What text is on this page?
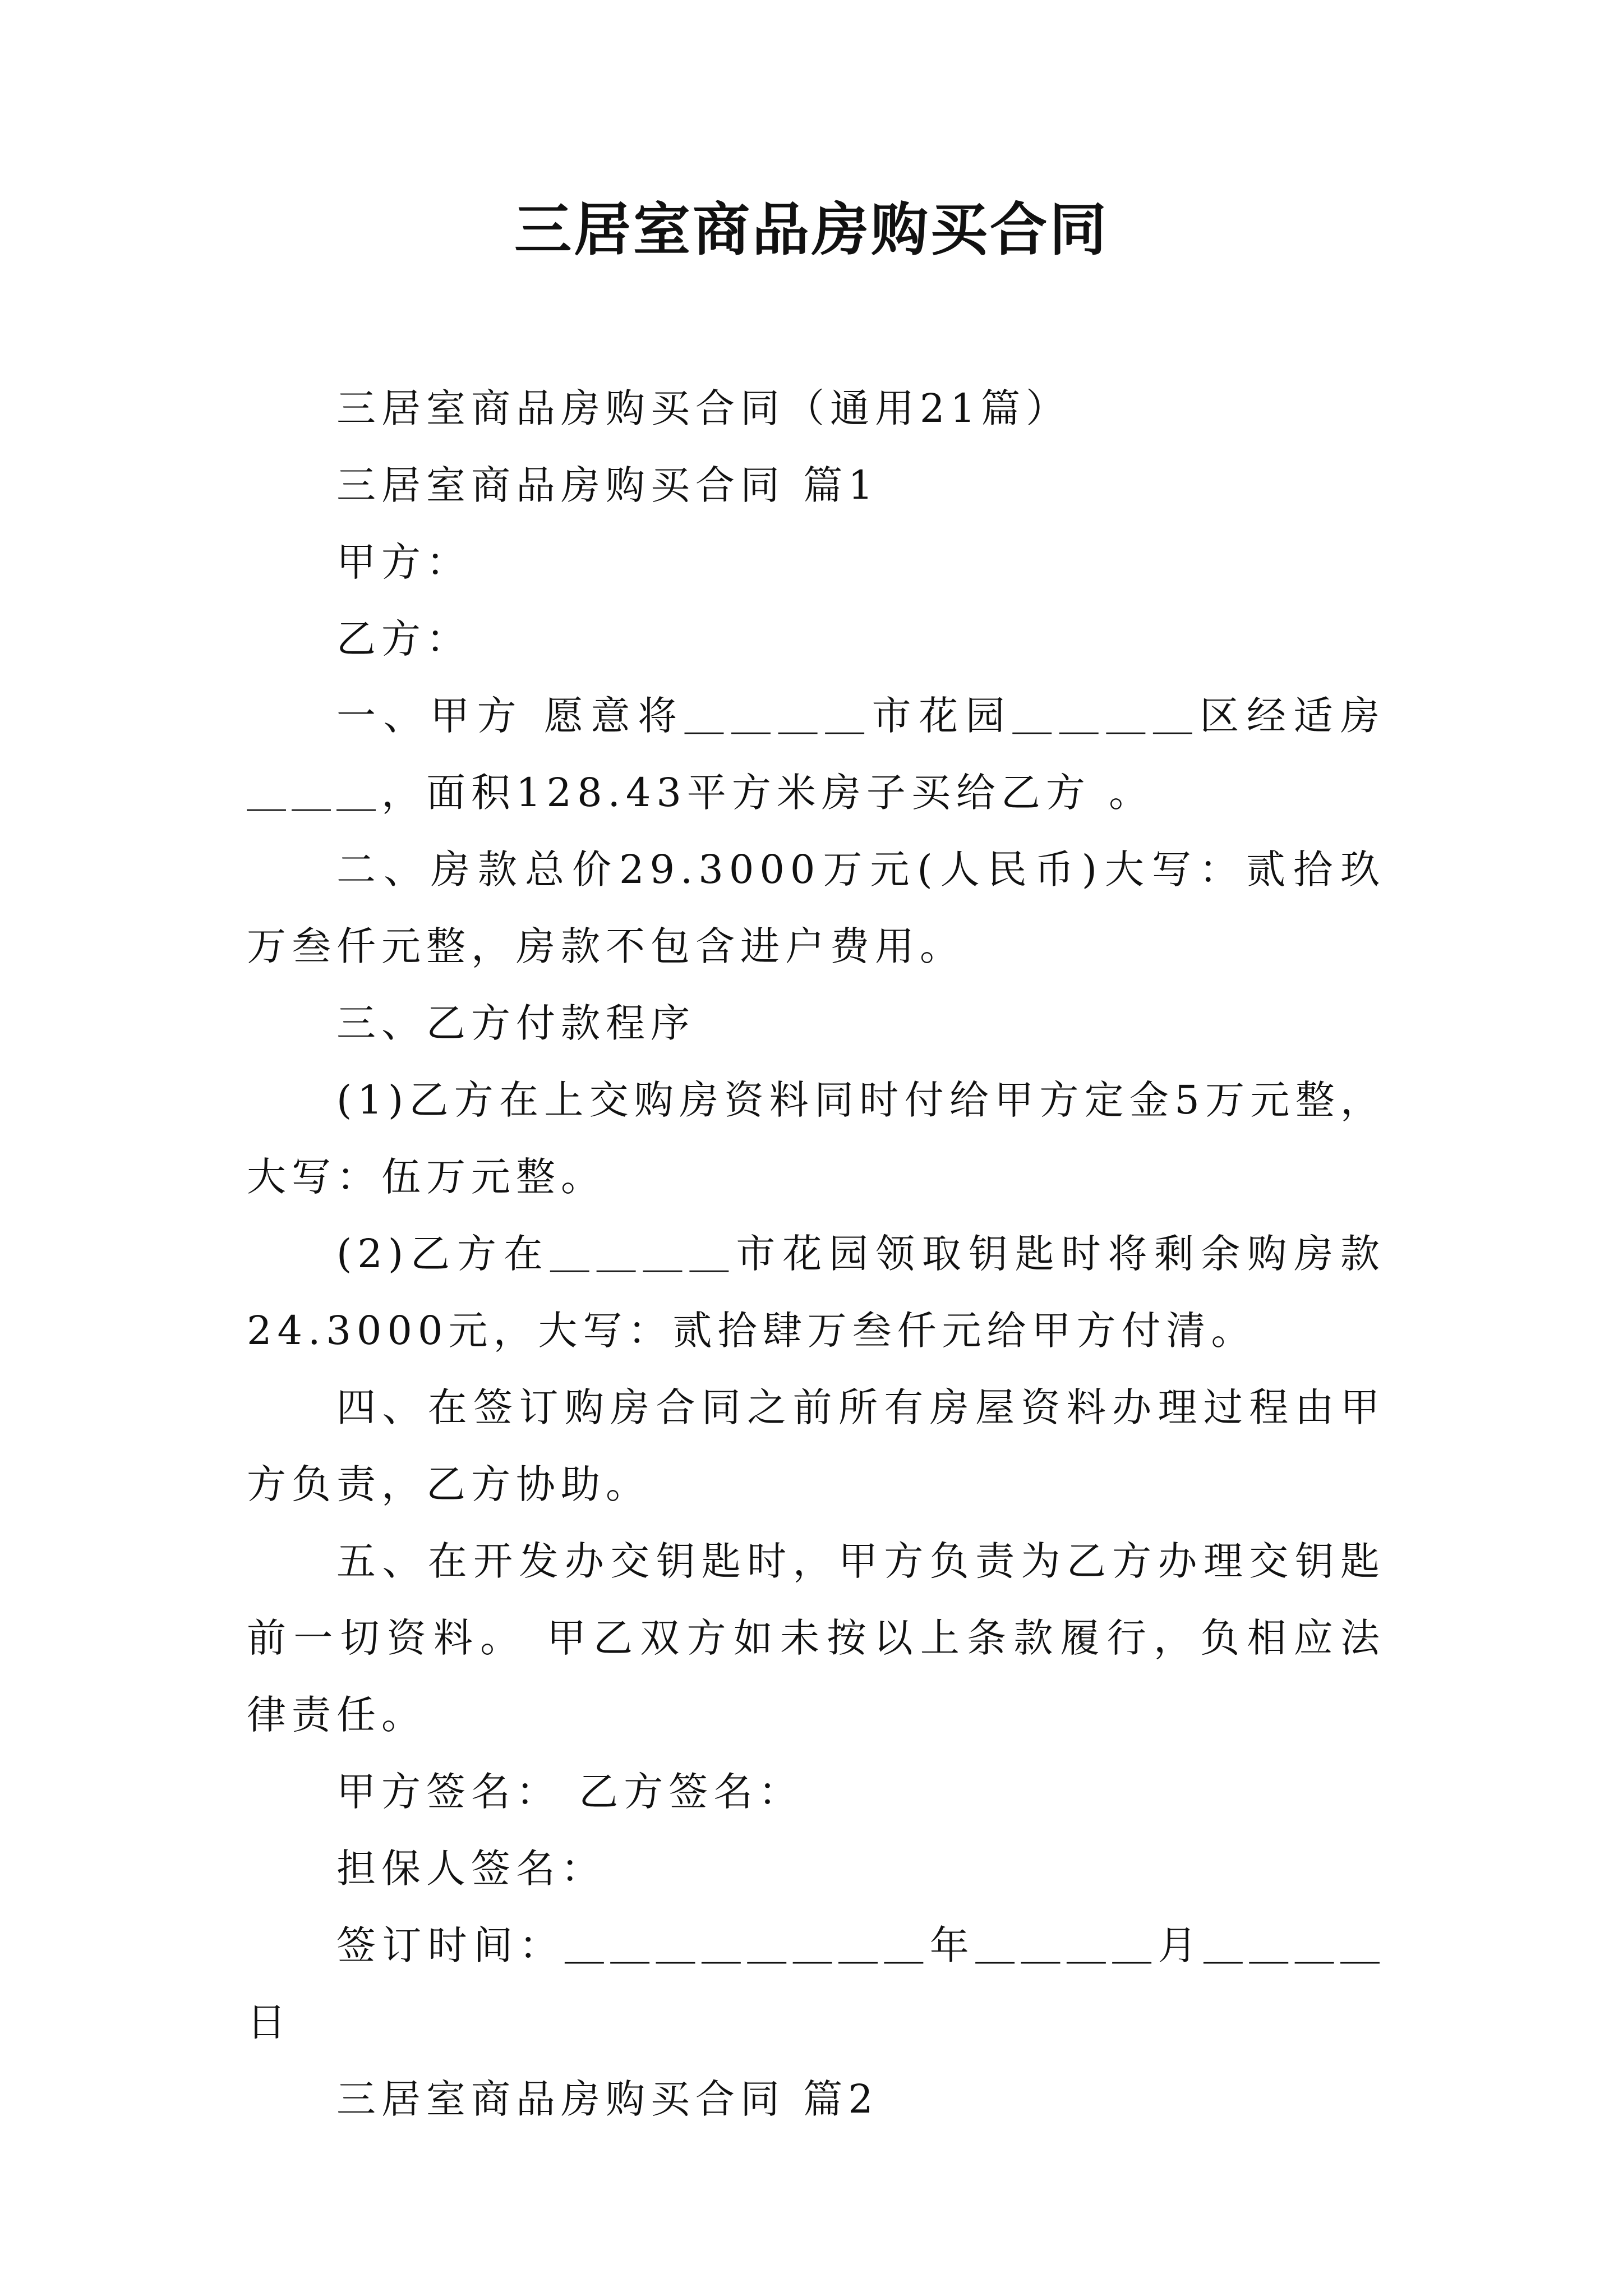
三居室商品房购买合同

三居室商品房购买合同（通用21篇）

三居室商品房购买合同 篇1

甲方：

乙方：

一、甲方 愿意将＿＿＿＿市花园＿＿＿＿区经适房＿＿＿，面积128.43平方米房子买给乙方 。

二、房款总价29.3000万元(人民币)大写：贰拾玖万叁仟元整，房款不包含进户费用。

三、乙方付款程序

(1)乙方在上交购房资料同时付给甲方定金5万元整，大写：伍万元整。

(2)乙方在＿＿＿＿市花园领取钥匙时将剩余购房款24.3000元，大写：贰拾肆万叁仟元给甲方付清。

四、在签订购房合同之前所有房屋资料办理过程由甲方负责，乙方协助。

五、在开发办交钥匙时，甲方负责为乙方办理交钥匙前一切资料。 甲乙双方如未按以上条款履行，负相应法律责任。

甲方签名： 乙方签名：

担保人签名：

签订时间：＿＿＿＿＿＿＿＿年＿＿＿＿月＿＿＿＿日

三居室商品房购买合同 篇2
